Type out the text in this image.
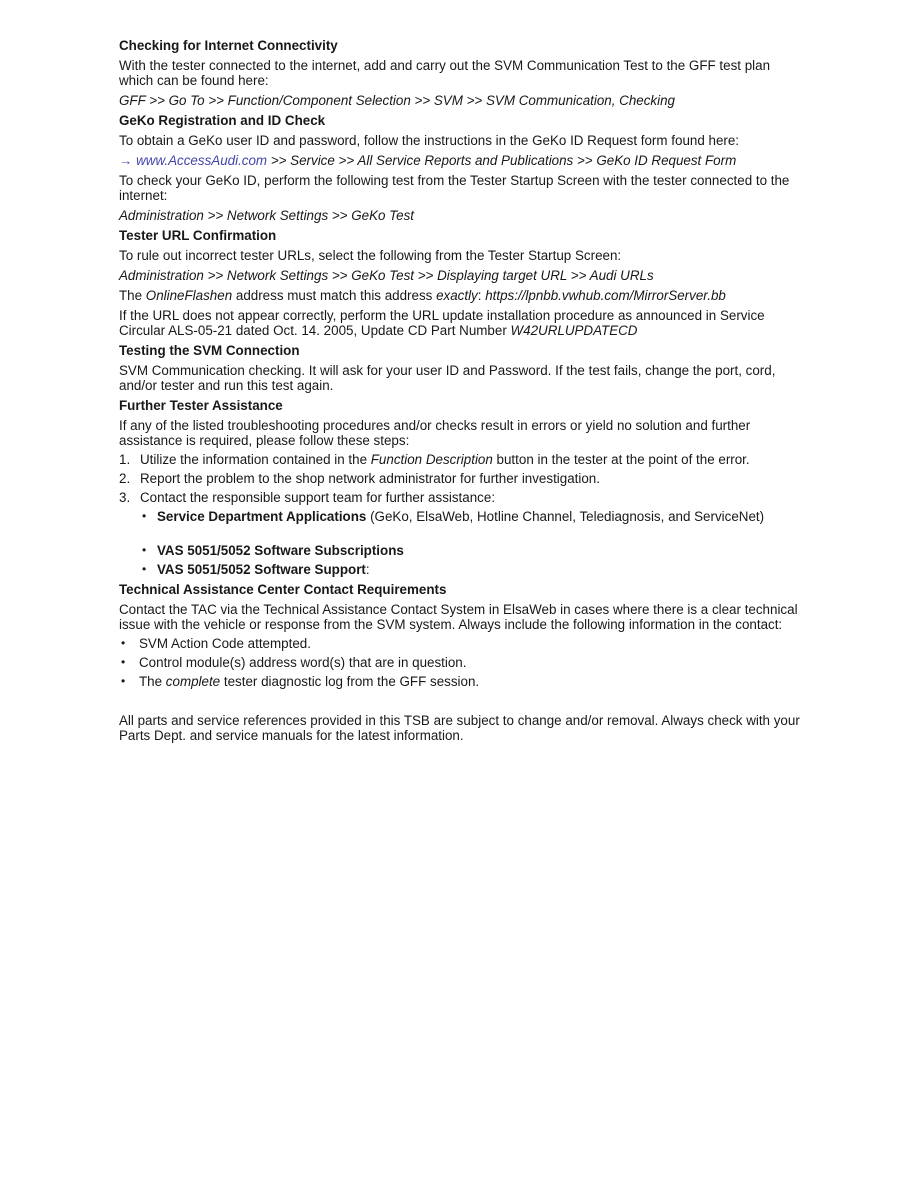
Checking for Internet Connectivity

With the tester connected to the internet, add and carry out the SVM Communication Test to the GFF test plan which can be found here:

GFF >> Go To >> Function/Component Selection >> SVM >> SVM Communication, Checking

GeKo Registration and ID Check

To obtain a GeKo user ID and password, follow the instructions in the GeKo ID Request form found here:

→ www.AccessAudi.com >> Service >> All Service Reports and Publications >> GeKo ID Request Form

To check your GeKo ID, perform the following test from the Tester Startup Screen with the tester connected to the internet:

Administration >> Network Settings >> GeKo Test

Tester URL Confirmation

To rule out incorrect tester URLs, select the following from the Tester Startup Screen:

Administration >> Network Settings >> GeKo Test >> Displaying target URL >> Audi URLs

The OnlineFlashen address must match this address exactly: https://lpnbb.vwhub.com/MirrorServer.bb

If the URL does not appear correctly, perform the URL update installation procedure as announced in Service Circular ALS-05-21 dated Oct. 14. 2005, Update CD Part Number W42URLUPDATECD

Testing the SVM Connection

SVM Communication checking. It will ask for your user ID and Password. If the test fails, change the port, cord, and/or tester and run this test again.

Further Tester Assistance

If any of the listed troubleshooting procedures and/or checks result in errors or yield no solution and further assistance is required, please follow these steps:

1. Utilize the information contained in the Function Description button in the tester at the point of the error.
2. Report the problem to the shop network administrator for further investigation.
3. Contact the responsible support team for further assistance:
• Service Department Applications (GeKo, ElsaWeb, Hotline Channel, Telediagnosis, and ServiceNet)
• VAS 5051/5052 Software Subscriptions
• VAS 5051/5052 Software Support:
Technical Assistance Center Contact Requirements

Contact the TAC via the Technical Assistance Contact System in ElsaWeb in cases where there is a clear technical issue with the vehicle or response from the SVM system. Always include the following information in the contact:

•	SVM Action Code attempted.
•	Control module(s) address word(s) that are in question.
•	The complete tester diagnostic log from the GFF session.

All parts and service references provided in this TSB are subject to change and/or removal. Always check with your Parts Dept. and service manuals for the latest information.
